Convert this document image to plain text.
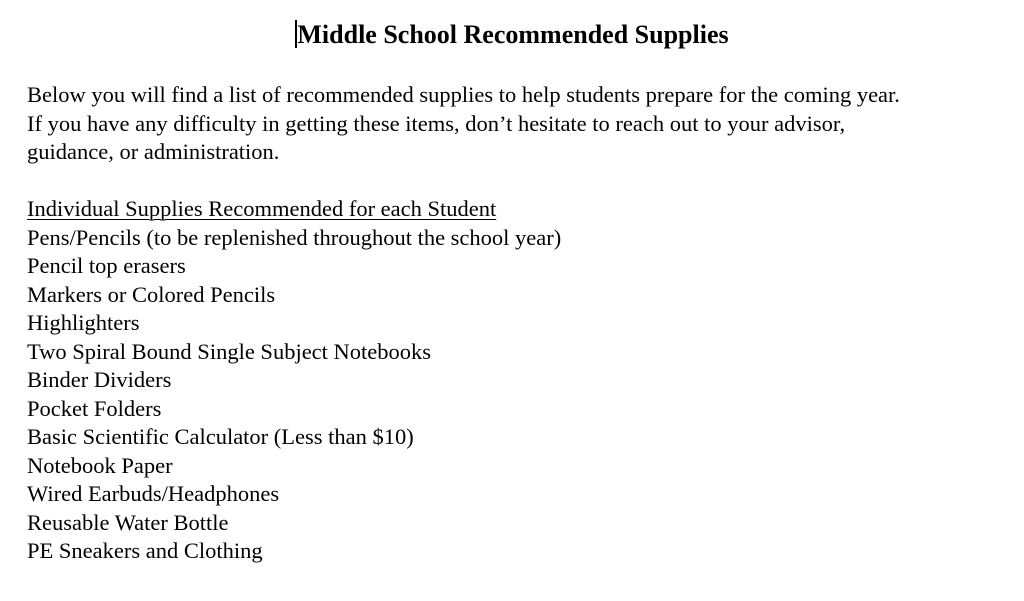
Middle School Recommended Supplies

Below you will find a list of recommended supplies to help students prepare for the coming year.
If you have any difficulty in getting these items, don’t hesitate to reach out to your advisor,
guidance, or administration.

Individual Supplies Recommended for each Student
Pens/Pencils (to be replenished throughout the school year)
Pencil top erasers
Markers or Colored Pencils
Highlighters
Two Spiral Bound Single Subject Notebooks
Binder Dividers
Pocket Folders
Basic Scientific Calculator (Less than $10)
Notebook Paper
Wired Earbuds/Headphones
Reusable Water Bottle
PE Sneakers and Clothing
